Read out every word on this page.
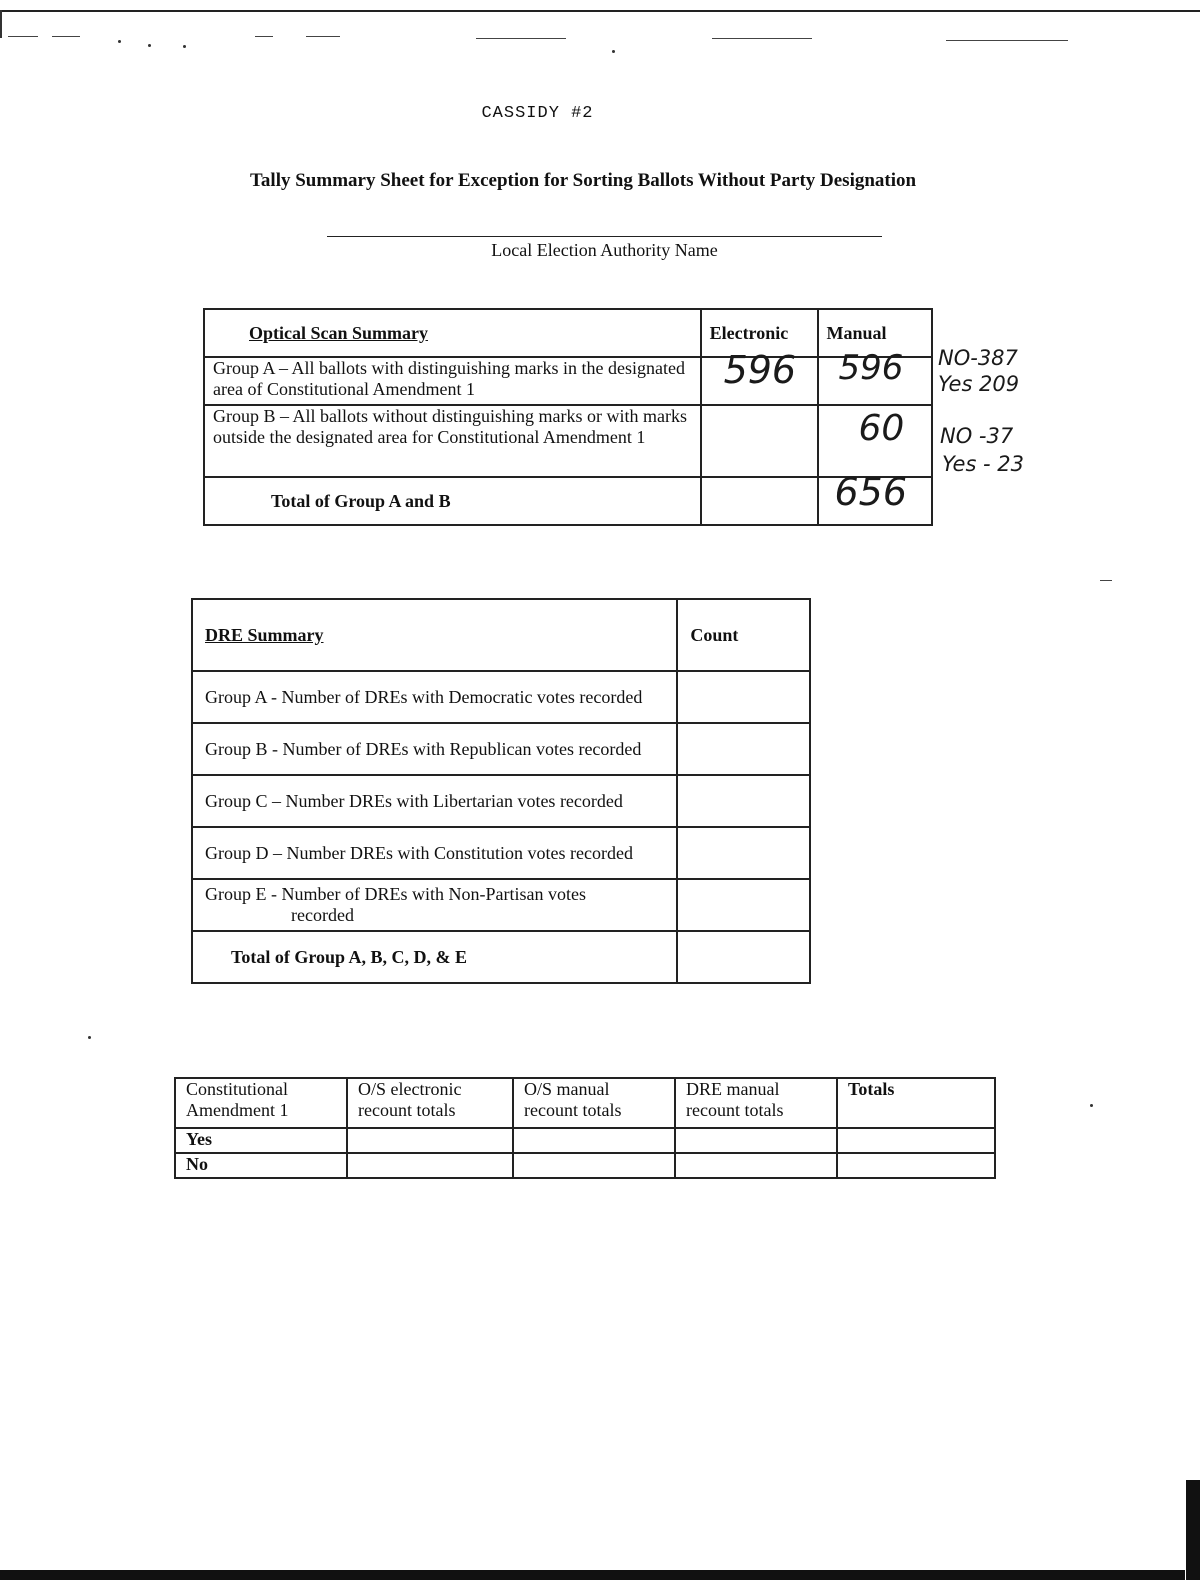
CASSIDY #2
Tally Summary Sheet for Exception for Sorting Ballots Without Party Designation
Local Election Authority Name
Optical Scan Summary	Electronic	Manual
Group A – All ballots with distinguishing marks in the designated area of Constitutional Amendment 1	596	596

Group B – All ballots without distinguishing marks or with marks outside the designated area for Constitutional Amendment 1		60

Total of Group A and B		656
NO-387
Yes 209
NO -37
Yes - 23
DRE Summary	Count
Group A - Number of DREs with Democratic votes recorded	
Group B - Number of DREs with Republican votes recorded	
Group C – Number DREs with Libertarian votes recorded	
Group D – Number DREs with Constitution votes recorded	
Group E - Number of DREs with Non-Partisan votes
recorded	

Total of Group A, B, C, D, & E	
Constitutional Amendment 1	O/S electronic recount totals	O/S manual recount totals	DRE manual recount totals	Totals
Yes				
No				
